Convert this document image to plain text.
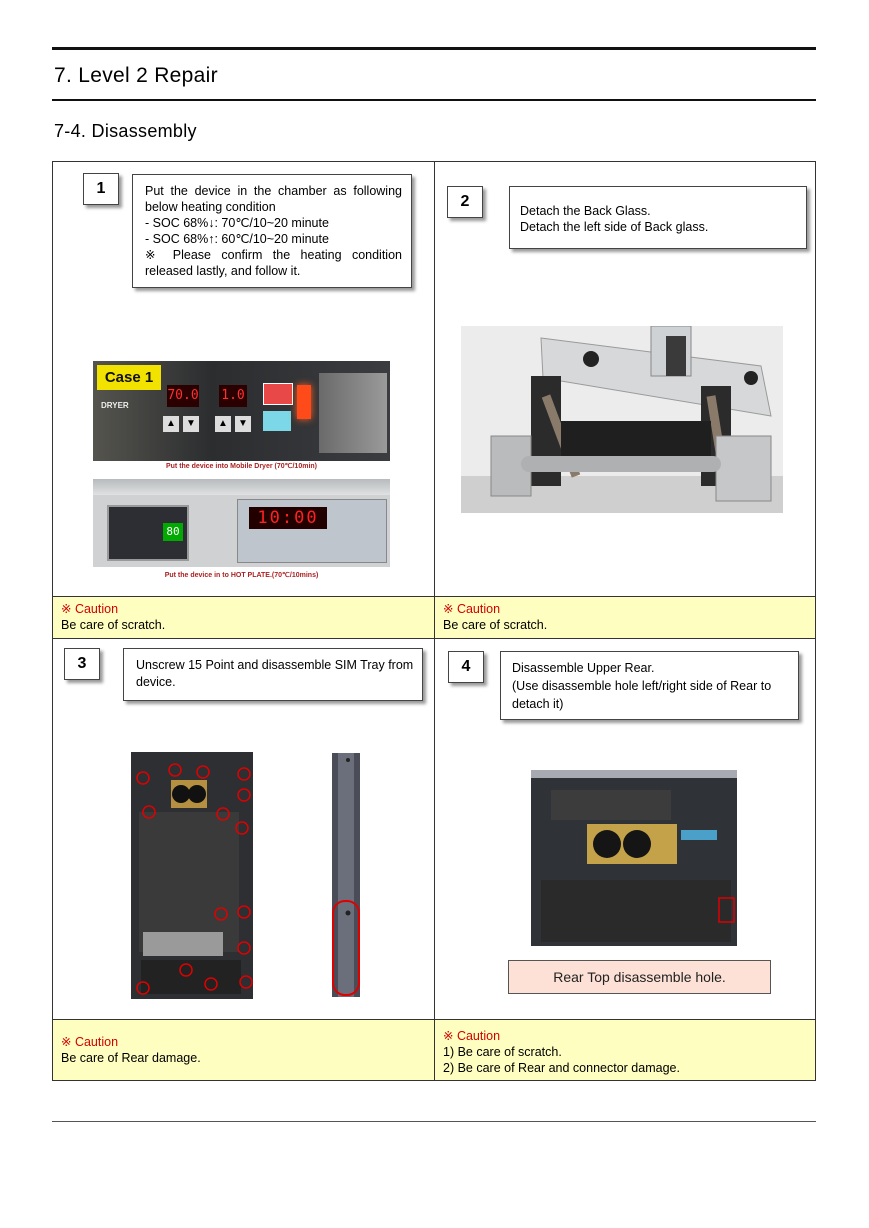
7. Level 2 Repair
7-4. Disassembly
※ Caution
Be care of scratch.
※ Caution
Be care of scratch.
※ Caution
Be care of Rear damage.
※ Caution
1) Be care of scratch.
2) Be care of Rear and connector damage.
1	Put the device in the chamber as following below heating condition
- SOC 68%↓: 70℃/10~20 minute
- SOC 68%↑: 60℃/10~20 minute
※ Please confirm the heating condition released lastly, and follow it.
Case 1
DRYER
70.0 1.0
▲	▼	▲	▼
Put the device into Mobile Dryer (70℃/10min)
80
10:00
Put the device in to HOT PLATE.(70℃/10mins)
2
Detach the Back Glass.
Detach the left side of Back glass.
3	Unscrew 15 Point and disassemble SIM Tray from device.
4	Disassemble Upper Rear.
(Use disassemble hole left/right side of Rear to detach it)
Rear Top disassemble hole.
